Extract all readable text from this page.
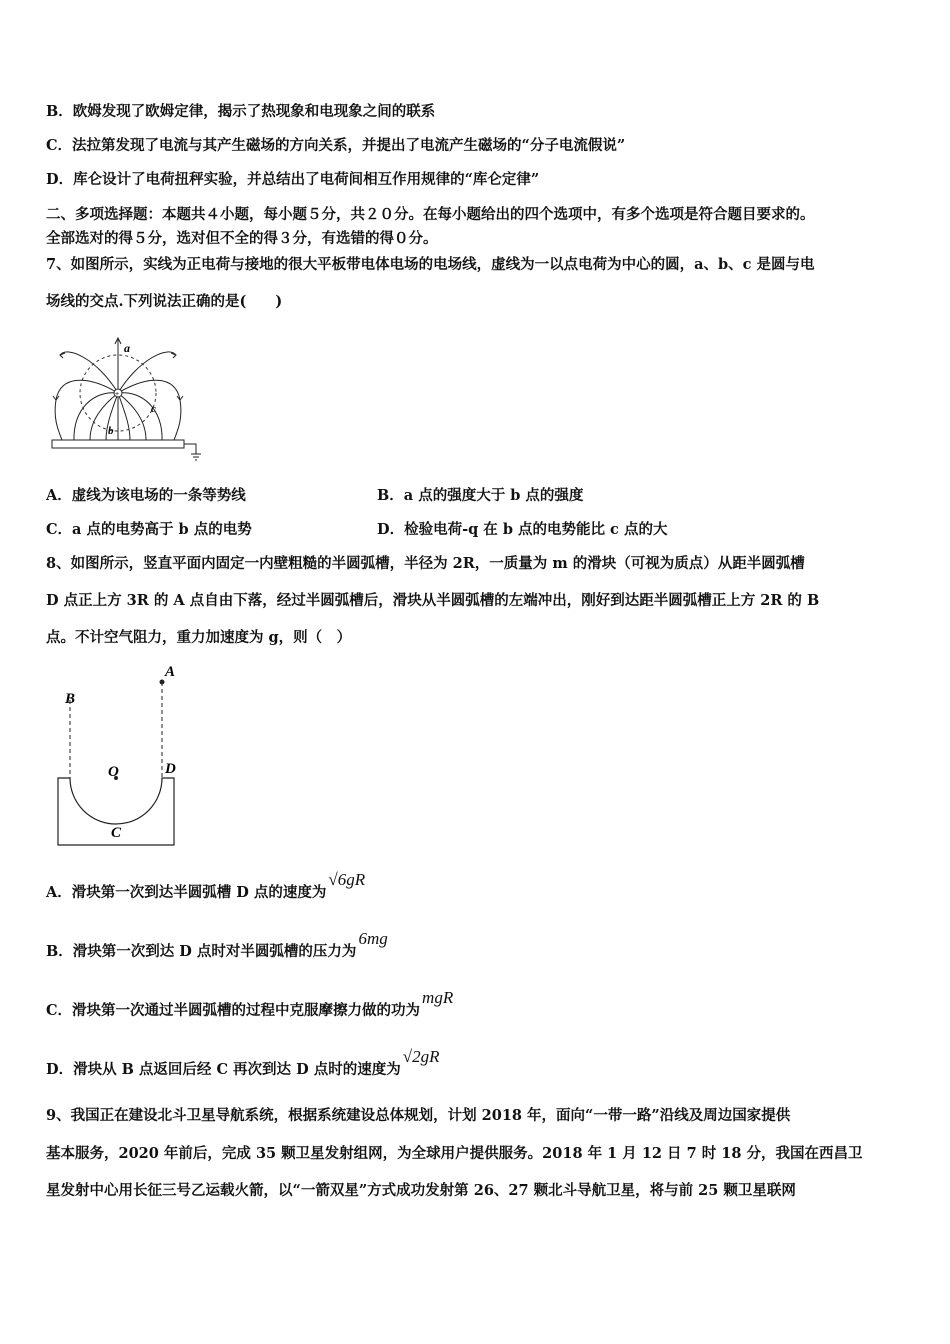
B．欧姆发现了欧姆定律，揭示了热现象和电现象之间的联系
C．法拉第发现了电流与其产生磁场的方向关系，并提出了电流产生磁场的“分子电流假说”
D．库仑设计了电荷扭秤实验，并总结出了电荷间相互作用规律的“库仑定律”
二、多项选择题：本题共４小题，每小题５分，共２０分。在每小题给出的四个选项中，有多个选项是符合题目要求的。
全部选对的得５分，选对但不全的得３分，有选错的得０分。
7、如图所示，实线为正电荷与接地的很大平板带电体电场的电场线，虚线为一以点电荷为中心的圆，a、b、c 是圆与电
场线的交点.下列说法正确的是(　　)
+
a
b
c
A．虚线为该电场的一条等势线	B．a 点的强度大于 b 点的强度
C．a 点的电势高于 b 点的电势	D．检验电荷-q 在 b 点的电势能比 c 点的大
8、如图所示，竖直平面内固定一内壁粗糙的半圆弧槽，半径为 2R，一质量为 m 的滑块（可视为质点）从距半圆弧槽
D 点正上方 3R 的 A 点自由下落，经过半圆弧槽后，滑块从半圆弧槽的左端冲出，刚好到达距半圆弧槽正上方 2R 的 B
点。不计空气阻力，重力加速度为 g，则（　）
A
B
O	D
C
A．滑块第一次到达半圆弧槽 D 点的速度为√6gR
B．滑块第一次到达 D 点时对半圆弧槽的压力为6mg
C．滑块第一次通过半圆弧槽的过程中克服摩擦力做的功为mgR
D．滑块从 B 点返回后经 C 再次到达 D 点时的速度为√2gR
9、我国正在建设北斗卫星导航系统，根据系统建设总体规划，计划 2018 年，面向“一带一路”沿线及周边国家提供
基本服务，2020 年前后，完成 35 颗卫星发射组网，为全球用户提供服务。2018 年 1 月 12 日 7 时 18 分，我国在西昌卫
星发射中心用长征三号乙运载火箭，以“一箭双星”方式成功发射第 26、27 颗北斗导航卫星，将与前 25 颗卫星联网
